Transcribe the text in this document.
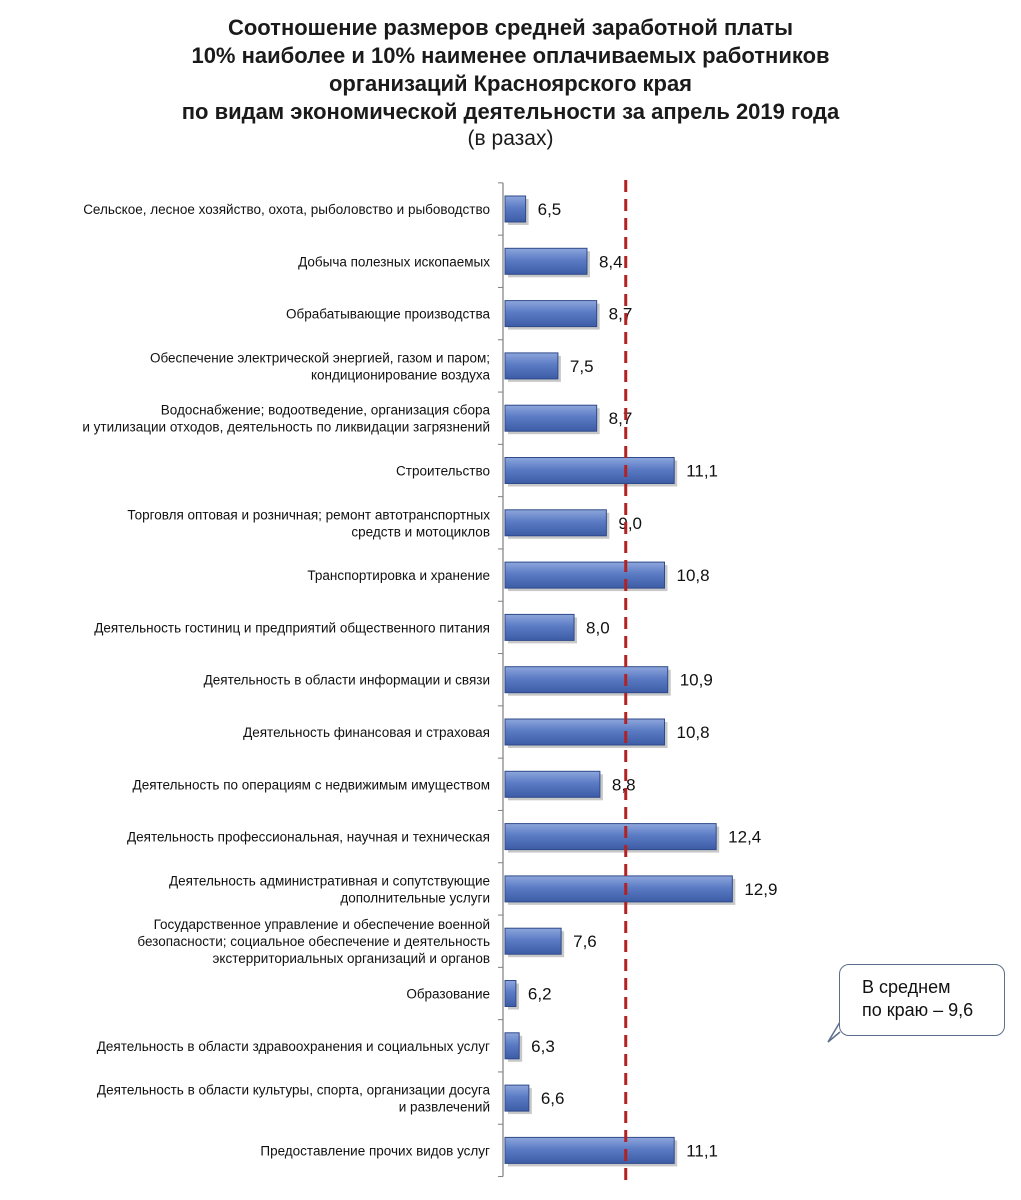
Соотношение размеров средней заработной платы
10% наиболее и 10% наименее оплачиваемых работников
организаций Красноярского края
по видам экономической деятельности за апрель 2019 года
(в разах)
Сельское, лесное хозяйство, охота, рыболовство и рыбоводство
Добыча полезных ископаемых
Обрабатывающие производства
Обеспечение электрической энергией, газом и паром;
кондиционирование воздуха
Водоснабжение; водоотведение, организация сбора
и утилизации отходов, деятельность по ликвидации загрязнений
Строительство
Торговля оптовая и розничная; ремонт автотранспортных
средств и мотоциклов
Транспортировка и хранение
Деятельность гостиниц и предприятий общественного питания
Деятельность в области информации и связи
Деятельность финансовая и страховая
Деятельность по операциям с недвижимым имуществом
Деятельность профессиональная, научная и техническая
Деятельность административная и сопутствующие
дополнительные услуги
Государственное управление и обеспечение военной
безопасности; социальное обеспечение и деятельность
экстерриториальных организаций и органов
Образование
Деятельность в области здравоохранения и социальных услуг
Деятельность в области культуры, спорта, организации досуга
и развлечений
Предоставление прочих видов услуг
6,5
8,4
8,7
7,5
8,7
11,1
9,0
10,8
8,0
10,9
10,8
8,8
12,4
12,9
7,6
6,2
6,3
6,6
11,1
В среднем
по краю – 9,6
